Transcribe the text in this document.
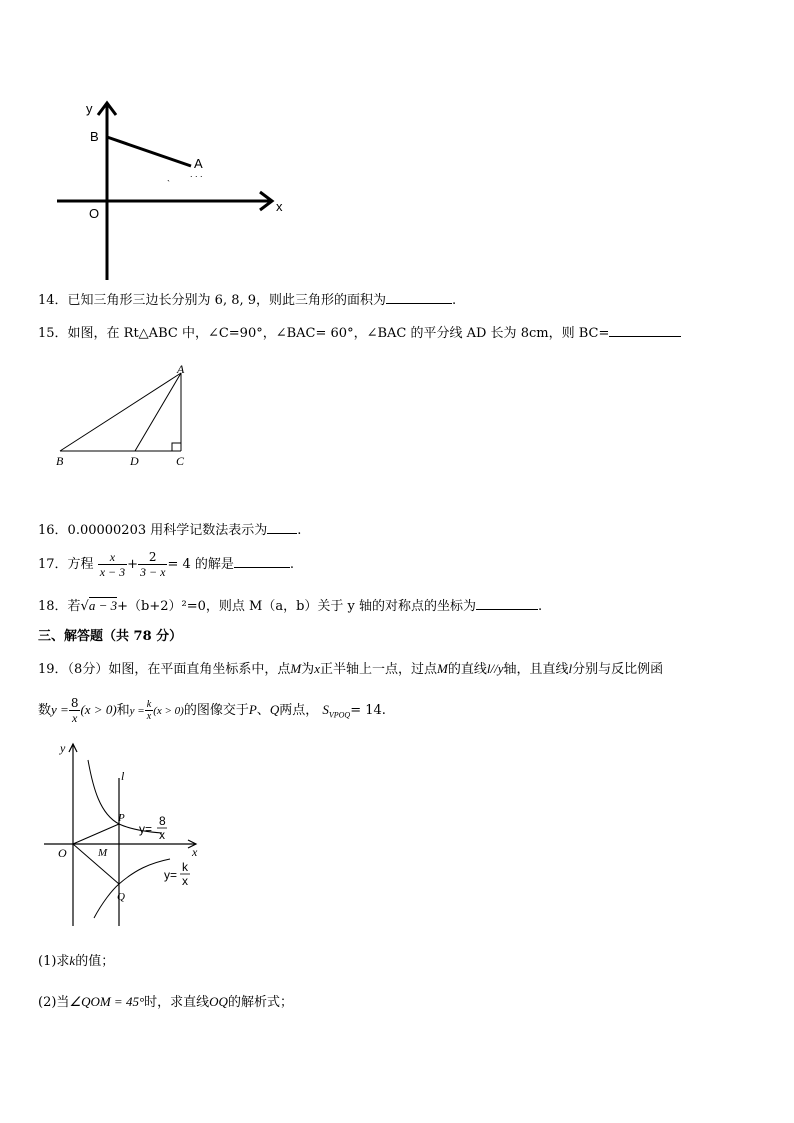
y
B
A
O	x
`
. . .
14．已知三角形三边长分别为 6, 8, 9，则此三角形的面积为	.
15．如图，在 Rt△ABC 中，∠C=90°，∠BAC= 60°，∠BAC 的平分线 AD 长为 8cm，则 BC=
A
B	D	C
16．0.00000203 用科学记数法表示为 .
17．方程 $\frac{x}{x - 3} + \frac{2}{3 - x} = 4$ 的解是	.
18．若√a − 3+（b+2）²=0，则点 M（a，b）关于 y 轴的对称点的坐标为	.
三、解答题（共 78 分）
19．（8分）如图，在平面直角坐标系中，点M为x正半轴上一点，过点M的直线l//y轴，且直线l分别与反比例函
数$y = \frac{8}{x} (x > 0)$和$y = \frac{k}{x} (x > 0)$的图像交于P、Q两点， $S_{VPOQ}= 14$.
y
l
P
O	M	x
Q
y=
8
x
y=
k
x
(1)求k的值；
(2)当∠QOM = 45°时，求直线OQ的解析式；
